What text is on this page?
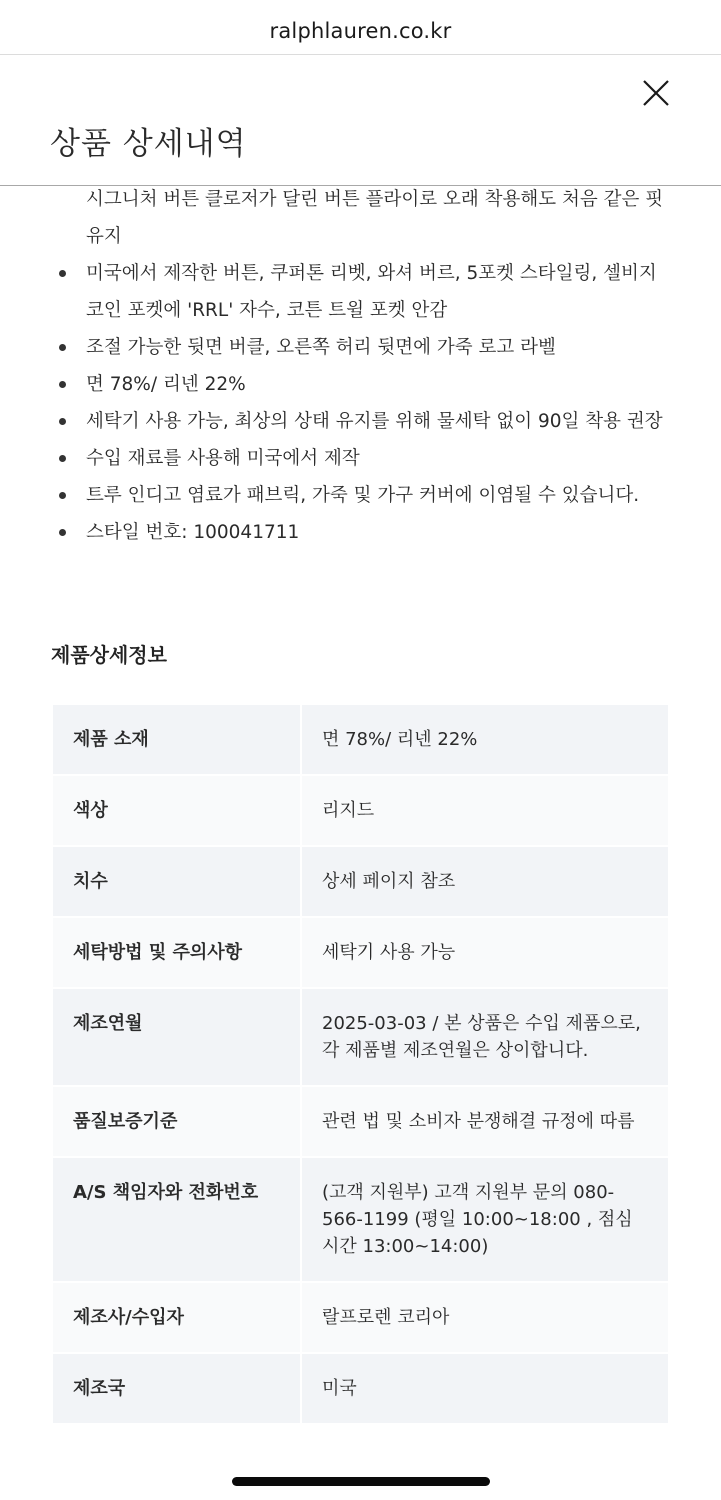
ralphlauren.co.kr
상품 상세내역
시그니처 버튼 클로저가 달린 버튼 플라이로 오래 착용해도 처음 같은 핏 유지
미국에서 제작한 버튼, 쿠퍼톤 리벳, 와셔 버르, 5포켓 스타일링, 셀비지 코인 포켓에 'RRL' 자수, 코튼 트윌 포켓 안감
조절 가능한 뒷면 버클, 오른쪽 허리 뒷면에 가죽 로고 라벨
면 78%/ 리넨 22%
세탁기 사용 가능, 최상의 상태 유지를 위해 물세탁 없이 90일 착용 권장
수입 재료를 사용해 미국에서 제작
트루 인디고 염료가 패브릭, 가죽 및 가구 커버에 이염될 수 있습니다.
스타일 번호: 100041711
제품상세정보
제품 소재	면 78%/ 리넨 22%
색상	리지드
치수	상세 페이지 참조
세탁방법 및 주의사항	세탁기 사용 가능
제조연월	2025-03-03 / 본 상품은 수입 제품으로, 각 제품별 제조연월은 상이합니다.
품질보증기준	관련 법 및 소비자 분쟁해결 규정에 따름
A/S 책임자와 전화번호	(고객 지원부) 고객 지원부 문의 080-566-1199 (평일 10:00~18:00 , 점심시간 13:00~14:00)
제조사/수입자	랄프로렌 코리아
제조국	미국
